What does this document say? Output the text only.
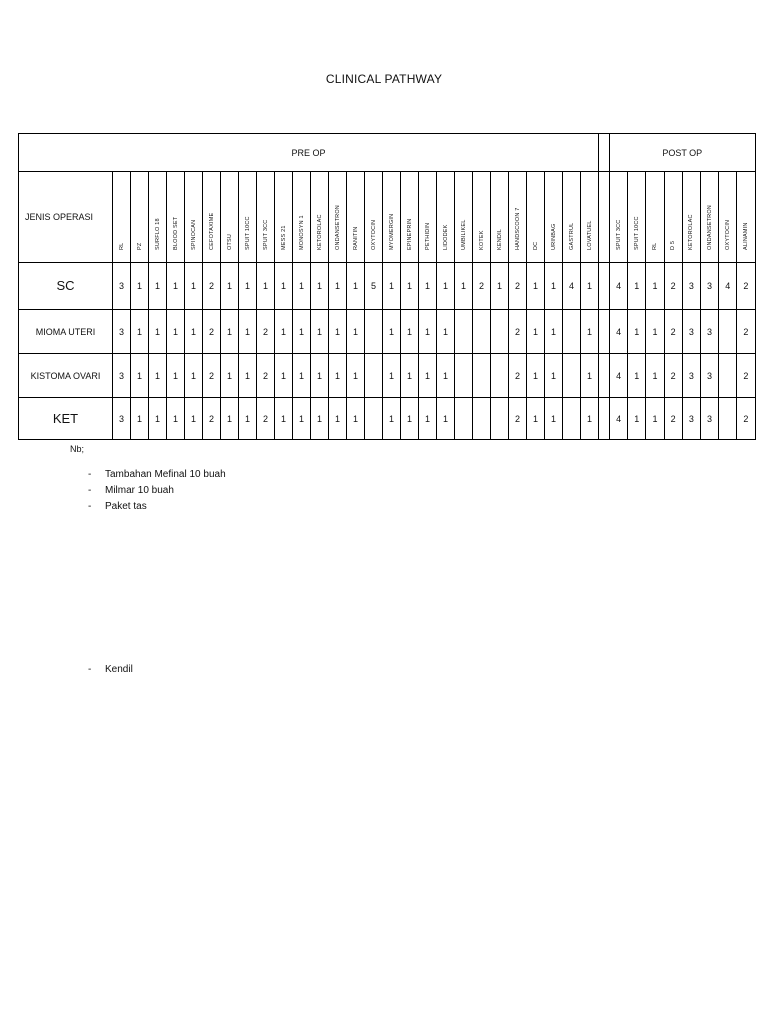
CLINICAL PATHWAY
PRE OP																													POST OP							
JENIS OPERASI	RL	PZ	SURFLO 18	BLOOD SET	SPINOCAN	CEFOTAXIME	OTSU	SPUIT 10CC	SPUIT 3CC	MESS 21	MONOSYN 1	KETOROLAC	ONDANSETRON	RANITIN	OXYTOCIN	MYOMERGIN	EPINEPRIN	PETHIDIN	LIDODEK	UMBILIKEL	KOTEK	KENDIL	HANDSCOON 7	DC	URINBAG	GASTRUL	LOVATUEL		SPUIT 3CC	SPUIT 10CC	RL	D 5	KETOROLAC	ONDANSETRON	OXYTOCIN	ALINAMIN

SC	3	1	1	1	1	2	1	1	1	1	1	1	1	1	5	1	1	1	1	1	2	1	2	1	1	4	1		4	1	1	2	3	3	4	2
MIOMA UTERI	3	1	1	1	1	2	1	1	2	1	1	1	1	1		1	1	1	1				2	1	1		1		4	1	1	2	3	3		2
KISTOMA OVARI	3	1	1	1	1	2	1	1	2	1	1	1	1	1		1	1	1	1				2	1	1		1		4	1	1	2	3	3		2
KET	3	1	1	1	1	2	1	1	2	1	1	1	1	1		1	1	1	1				2	1	1		1		4	1	1	2	3	3		2
Nb;
- Tambahan Mefinal 10 buah
- Milmar 10 buah
- Paket tas
- Kendil
